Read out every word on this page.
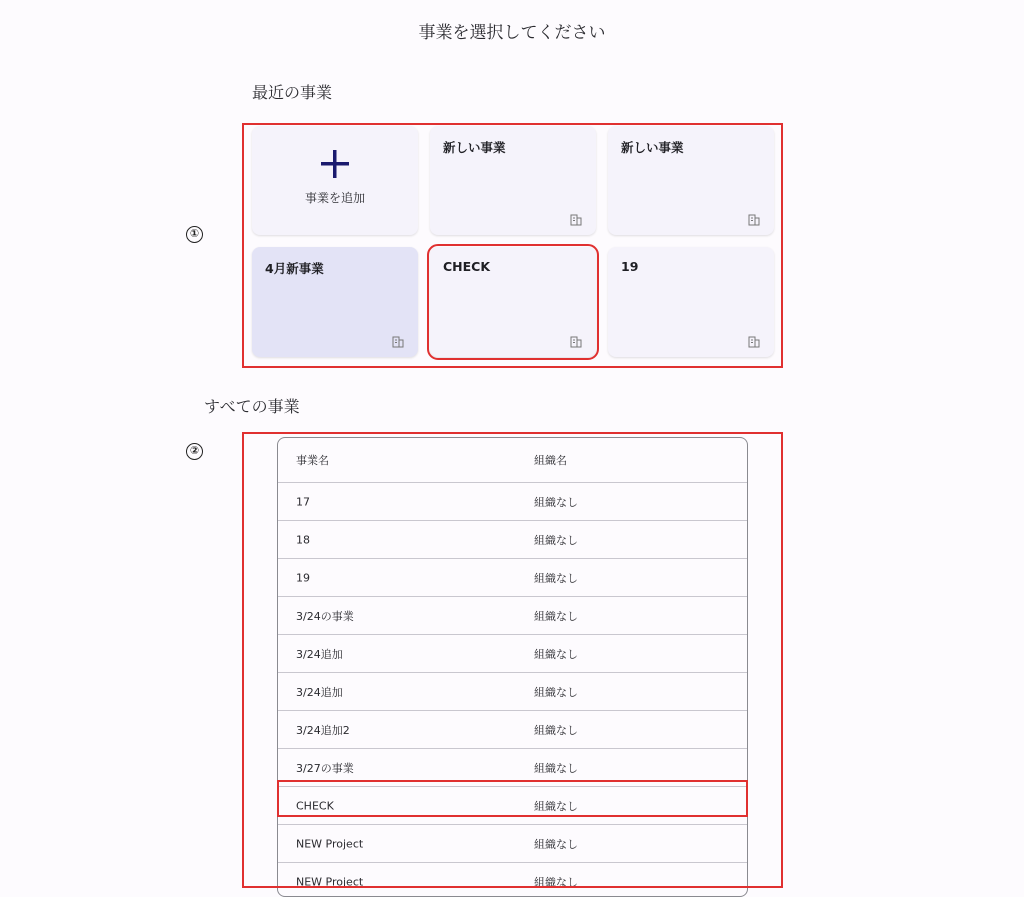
事業を選択してください
最近の事業
①
事業を追加
新しい事業	新しい事業
4月新事業	CHECK	19
すべての事業
②
事業名	組織名
17	組織なし
18	組織なし
19	組織なし
3/24の事業	組織なし
3/24追加	組織なし
3/24追加	組織なし
3/24追加2	組織なし
3/27の事業	組織なし
CHECK	組織なし
NEW Project	組織なし
NEW Project	組織なし
